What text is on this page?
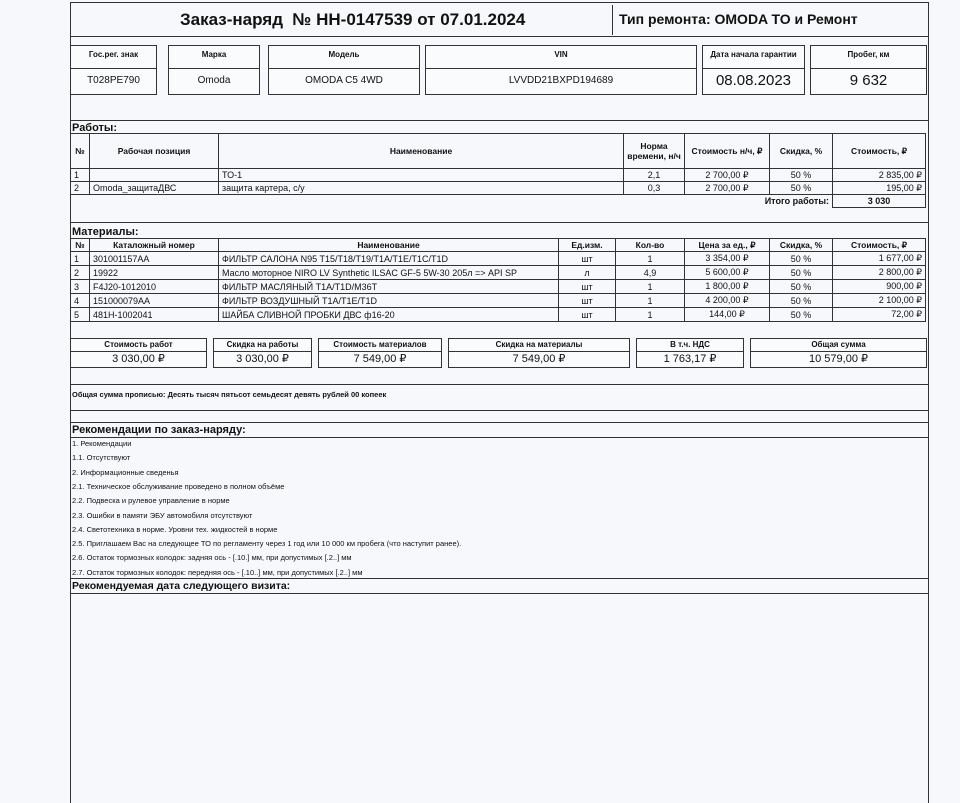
Заказ-наряд  № НН-0147539 от 07.01.2024	Тип ремонта: OMODA ТО и Ремонт
Гос.рег. знак
Т028РЕ790
Марка
Omoda
Модель
OMODA C5 4WD
VIN
LVVDD21BXPD194689
Дата начала гарантии
08.08.2023
Пробег, км
9 632
Работы:
№	Рабочая позиция	Наименование	Норма времени, н/ч	Стоимость н/ч, ₽	Скидка, %	Стоимость, ₽
1		ТО-1	2,1	2 700,00 ₽	50 %	2 835,00 ₽
2	Omoda_защитаДВС	защита картера, с/у	0,3	2 700,00 ₽	50 %	195,00 ₽
Итого работы:						3 030
Материалы:
№	Каталожный номер	Наименование	Ед.изм.	Кол-во	Цена за ед., ₽	Скидка, %	Стоимость, ₽
1	301001157AA	ФИЛЬТР САЛОНА N95 T15/T18/T19/T1A/T1E/T1C/T1D	шт	1	3 354,00 ₽	50 %	1 677,00 ₽
2	19922	Масло моторное NIRO LV Synthetic ILSAC GF-5 5W-30 205л => API SP	л	4,9	5 600,00 ₽	50 %	2 800,00 ₽
3	F4J20-1012010	ФИЛЬТР МАСЛЯНЫЙ T1A/T1D/M36T	шт	1	1 800,00 ₽	50 %	900,00 ₽
4	151000079AA	ФИЛЬТР ВОЗДУШНЫЙ T1A/T1E/T1D	шт	1	4 200,00 ₽	50 %	2 100,00 ₽
5	481H-1002041	ШАЙБА СЛИВНОЙ ПРОБКИ ДВС ф16-20	шт	1	144,00 ₽	50 %	72,00 ₽
Стоимость работ
3 030,00 ₽
Скидка на работы
3 030,00 ₽
Стоимость материалов
7 549,00 ₽
Скидка на материалы
7 549,00 ₽
В т.ч. НДС
1 763,17 ₽
Общая сумма
10 579,00 ₽
Общая сумма прописью: Десять тысяч пятьсот семьдесят девять рублей 00 копеек
Рекомендации по заказ-наряду:
1. Рекомендации
1.1. Отсутствуют
2. Информационные сведенья
2.1. Техническое обслуживание проведено в полном объёме
2.2. Подвеска и рулевое управление в норме
2.3. Ошибки в памяти ЭБУ автомобиля отсутствуют
2.4. Светотехника в норме. Уровни тех. жидкостей в норме
2.5. Приглашаем Вас на следующее ТО по регламенту через 1 год или 10 000 км пробега (что наступит ранее).
2.6. Остаток тормозных колодок: задняя ось - [.10.] мм, при допустимых [.2..] мм
2.7. Остаток тормозных колодок: передняя ось - [.10..] мм, при допустимых [.2..] мм
Рекомендуемая дата следующего визита:
